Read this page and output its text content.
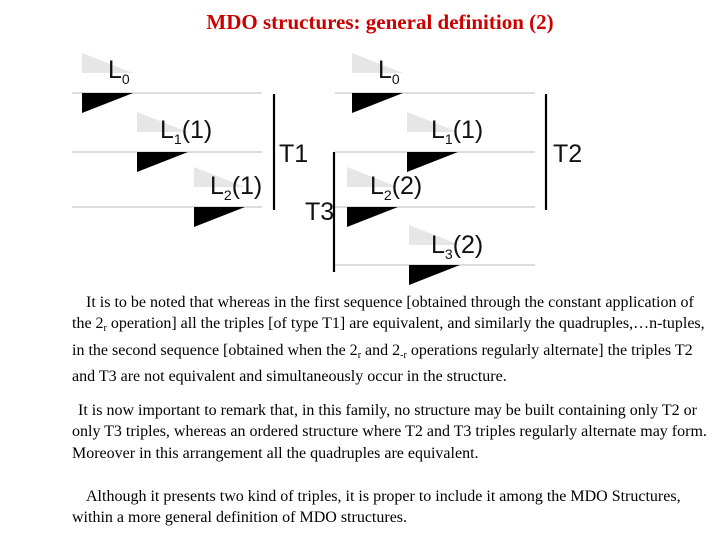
MDO structures: general definition (2)
$L_0$
$L_1(1)$
$L_2(1)$
T1
T3
$L_0$
$L_1(1)$
T2
$L_2(2)$
$L_3(2)$

It is to be noted that whereas in the first sequence [obtained through the constant application of the $2_r$ operation] all the triples [of type T1] are equivalent, and similarly the quadruples,…n-tuples, in the second sequence [obtained when the $2_r$ and $2_{-r}$ operations regularly alternate] the triples T2 and T3 are not equivalent and simultaneously occur in the structure.

It is now important to remark that, in this family, no structure may be built containing only T2 or only T3 triples, whereas an ordered structure where T2 and T3 triples regularly alternate may form. Moreover in this arrangement all the quadruples are equivalent.

Although it presents two kind of triples, it is proper to include it among the MDO Structures, within a more general definition of MDO structures.
